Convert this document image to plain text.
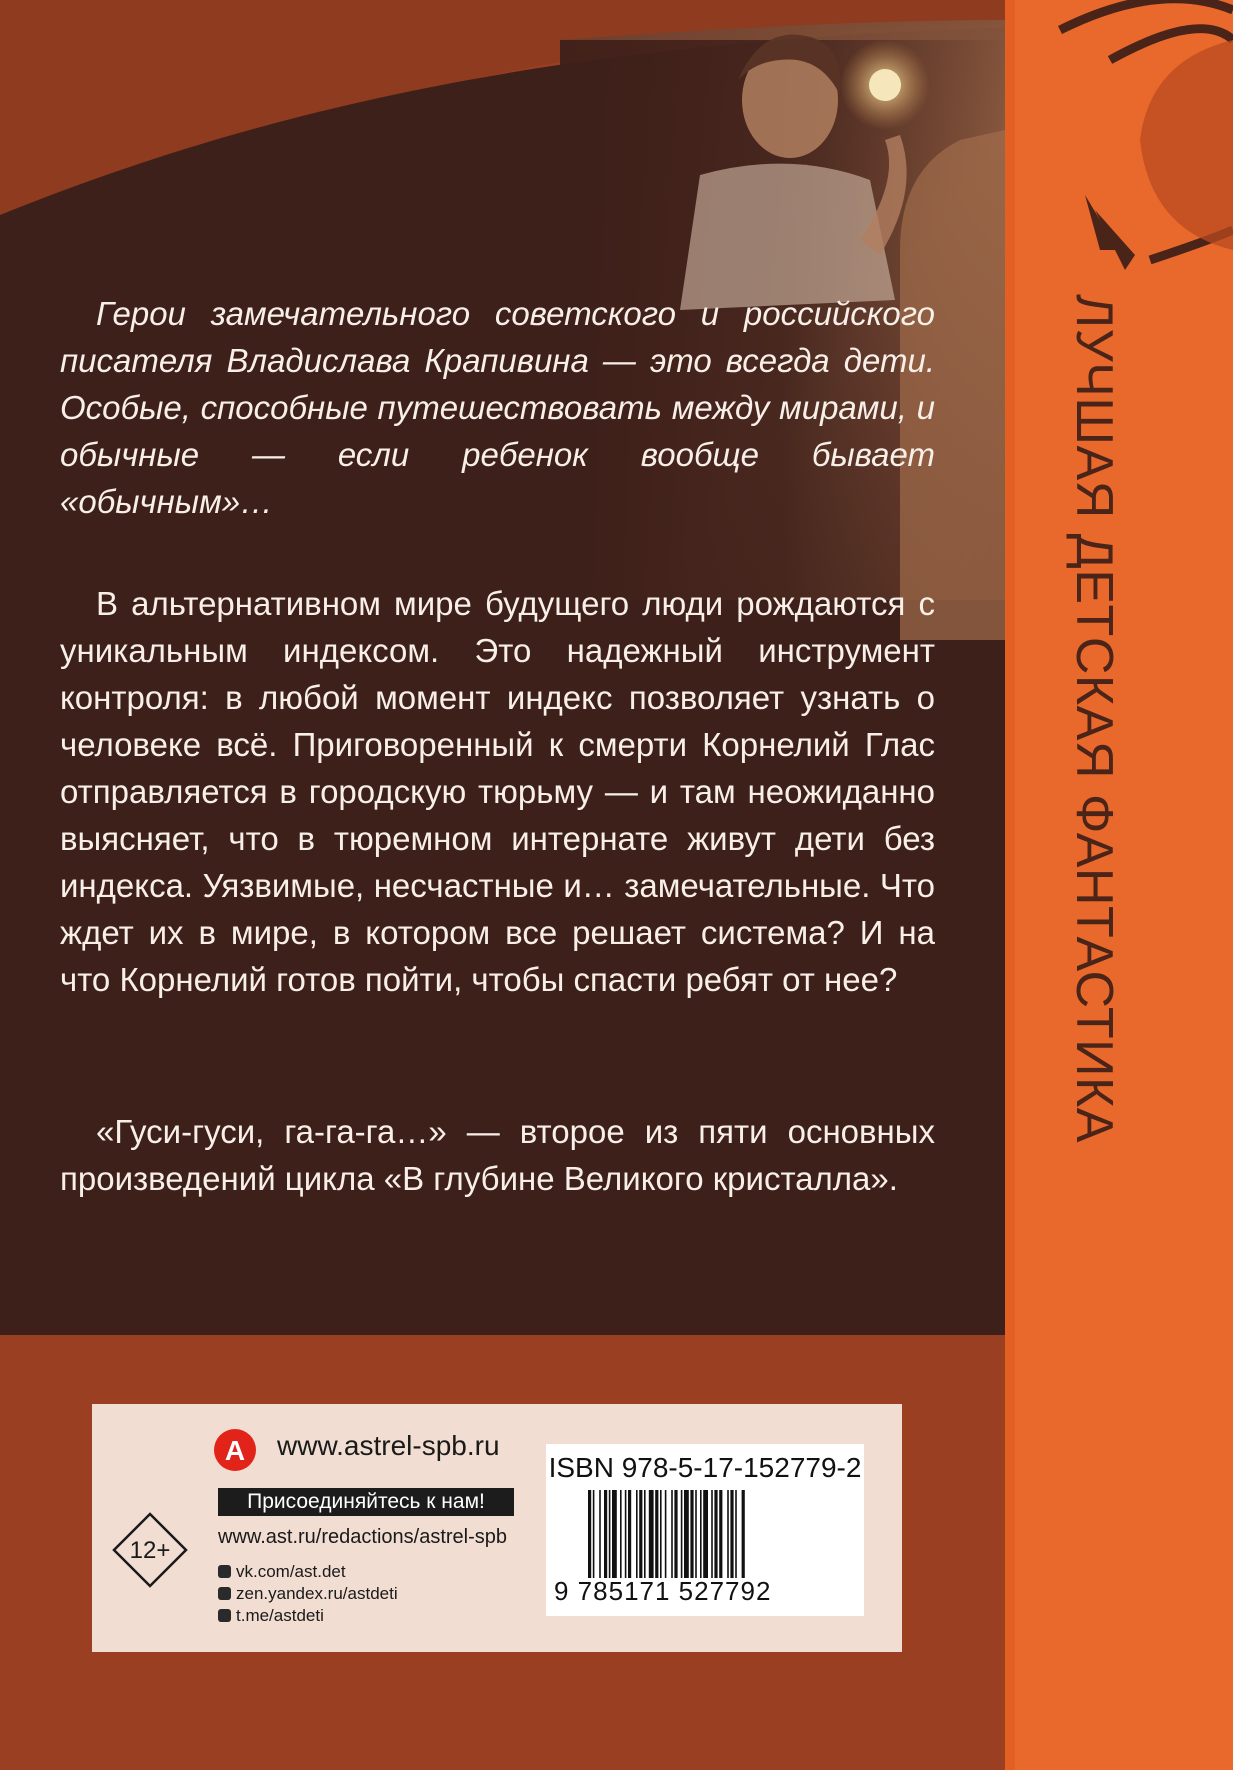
ЛУЧШАЯ ДЕТСКАЯ ФАНТАСТИКА
Герои замечательного советского и российского писателя Владислава Крапивина — это всегда дети. Особые, способные путешествовать между мирами, и обычные — если ребенок вообще бывает «обычным»…
В альтернативном мире будущего люди рождаются с уникальным индексом. Это надежный инструмент контроля: в любой момент индекс позволяет узнать о человеке всё. Приговоренный к смерти Корнелий Глас отправляется в городскую тюрьму — и там неожиданно выясняет, что в тюремном интернате живут дети без индекса. Уязвимые, несчастные и… замечательные. Что ждет их в мире, в котором все решает система? И на что Корнелий готов пойти, чтобы спасти ребят от нее?
«Гуси-гуси, га-га-га…» — второе из пяти основных произведений цикла «В глубине Великого кристалла».
А www.astrel-spb.ru
Присоединяйтесь к нам!
www.ast.ru/redactions/astrel-spb
vk.com/ast.det
zen.yandex.ru/astdeti
t.me/astdeti
12+
ISBN 978-5-17-152779-2
9 785171 527792
